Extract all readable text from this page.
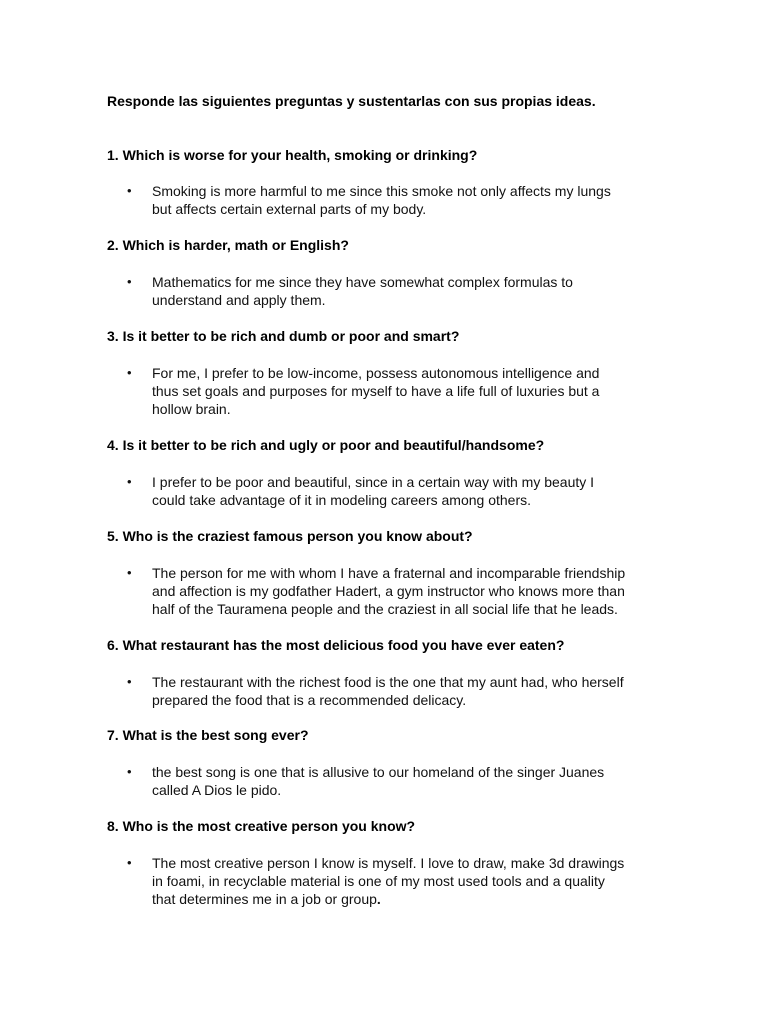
Responde las siguientes preguntas y sustentarlas con sus propias ideas.
1. Which is worse for your health, smoking or drinking?
•	Smoking is more harmful to me since this smoke not only affects my lungs
but affects certain external parts of my body.
2. Which is harder, math or English?
•	Mathematics for me since they have somewhat complex formulas to
understand and apply them.
3. Is it better to be rich and dumb or poor and smart?
•	For me, I prefer to be low-income, possess autonomous intelligence and
thus set goals and purposes for myself to have a life full of luxuries but a
hollow brain.
4. Is it better to be rich and ugly or poor and beautiful/handsome?
•	I prefer to be poor and beautiful, since in a certain way with my beauty I
could take advantage of it in modeling careers among others.
5. Who is the craziest famous person you know about?
•	The person for me with whom I have a fraternal and incomparable friendship
and affection is my godfather Hadert, a gym instructor who knows more than
half of the Tauramena people and the craziest in all social life that he leads.
6. What restaurant has the most delicious food you have ever eaten?
•	The restaurant with the richest food is the one that my aunt had, who herself
prepared the food that is a recommended delicacy.
7. What is the best song ever?
•	the best song is one that is allusive to our homeland of the singer Juanes
called A Dios le pido.
8. Who is the most creative person you know?
•	The most creative person I know is myself. I love to draw, make 3d drawings
in foami, in recyclable material is one of my most used tools and a quality
that determines me in a job or group.
